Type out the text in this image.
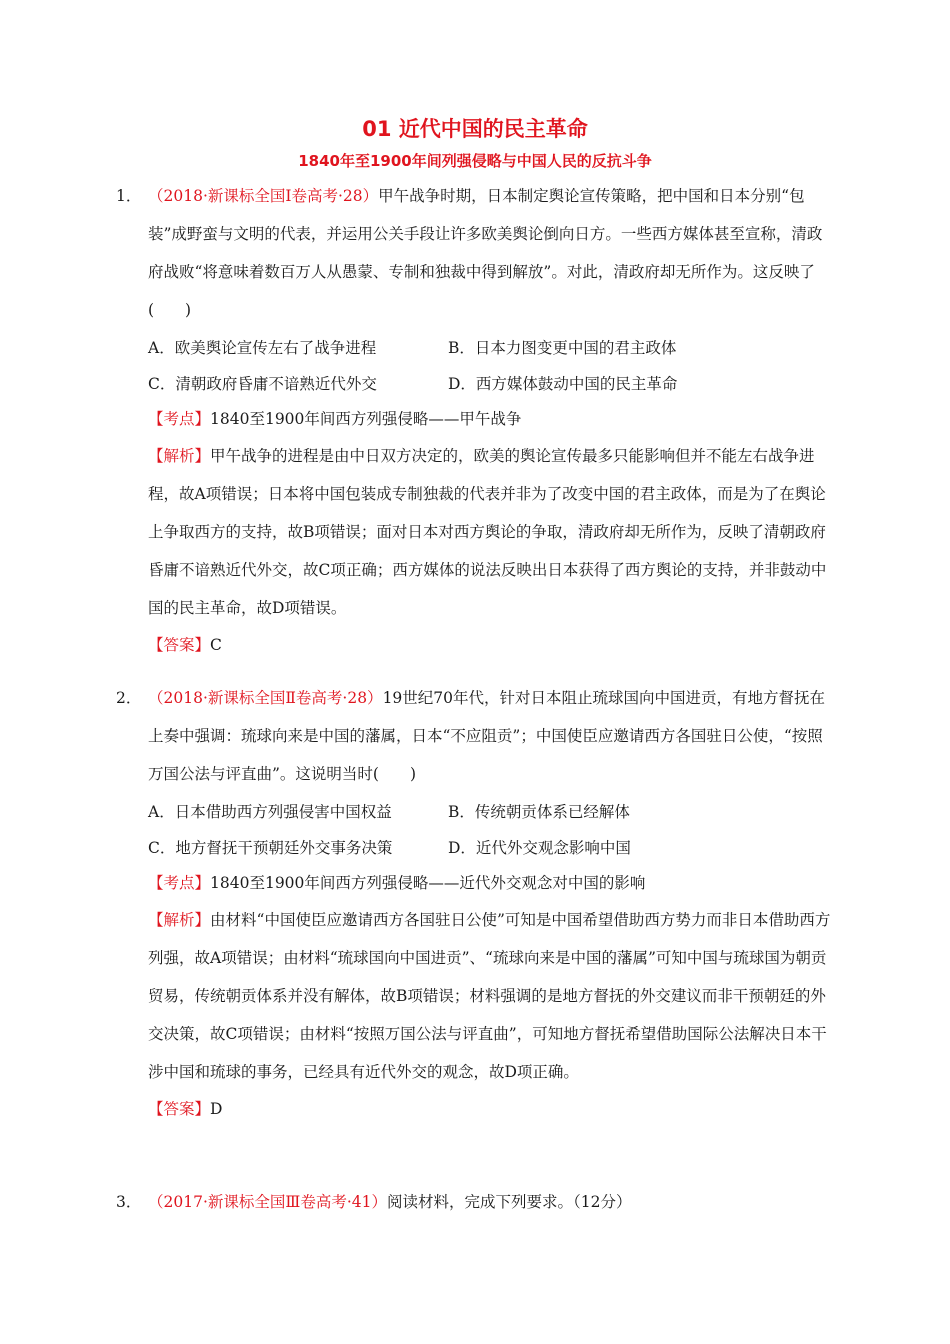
01 近代中国的民主革命
1840年至1900年间列强侵略与中国人民的反抗斗争
1． （2018·新课标全国Ⅰ卷高考·28）甲午战争时期，日本制定舆论宣传策略，把中国和日本分别“包装”成野蛮与文明的代表，并运用公关手段让许多欧美舆论倒向日方。一些西方媒体甚至宣称，清政府战败“将意味着数百万人从愚蒙、专制和独裁中得到解放”。对此，清政府却无所作为。这反映了(　　)
A．欧美舆论宣传左右了战争进程	B．日本力图变更中国的君主政体
C．清朝政府昏庸不谙熟近代外交	D．西方媒体鼓动中国的民主革命
【考点】1840至1900年间西方列强侵略——甲午战争
【解析】甲午战争的进程是由中日双方决定的，欧美的舆论宣传最多只能影响但并不能左右战争进程，故A项错误；日本将中国包装成专制独裁的代表并非为了改变中国的君主政体，而是为了在舆论上争取西方的支持，故B项错误；面对日本对西方舆论的争取，清政府却无所作为，反映了清朝政府昏庸不谙熟近代外交，故C项正确；西方媒体的说法反映出日本获得了西方舆论的支持，并非鼓动中国的民主革命，故D项错误。
【答案】C
2． （2018·新课标全国Ⅱ卷高考·28）19世纪70年代，针对日本阻止琉球国向中国进贡，有地方督抚在上奏中强调：琉球向来是中国的藩属，日本“不应阻贡”；中国使臣应邀请西方各国驻日公使，“按照万国公法与评直曲”。这说明当时(　　)
A．日本借助西方列强侵害中国权益	B．传统朝贡体系已经解体
C．地方督抚干预朝廷外交事务决策	D．近代外交观念影响中国
【考点】1840至1900年间西方列强侵略——近代外交观念对中国的影响
【解析】由材料“中国使臣应邀请西方各国驻日公使”可知是中国希望借助西方势力而非日本借助西方列强，故A项错误；由材料“琉球国向中国进贡”、“琉球向来是中国的藩属”可知中国与琉球国为朝贡贸易，传统朝贡体系并没有解体，故B项错误；材料强调的是地方督抚的外交建议而非干预朝廷的外交决策，故C项错误；由材料“按照万国公法与评直曲”，可知地方督抚希望借助国际公法解决日本干涉中国和琉球的事务，已经具有近代外交的观念，故D项正确。
【答案】D
3． （2017·新课标全国Ⅲ卷高考·41）阅读材料，完成下列要求。（12分）
